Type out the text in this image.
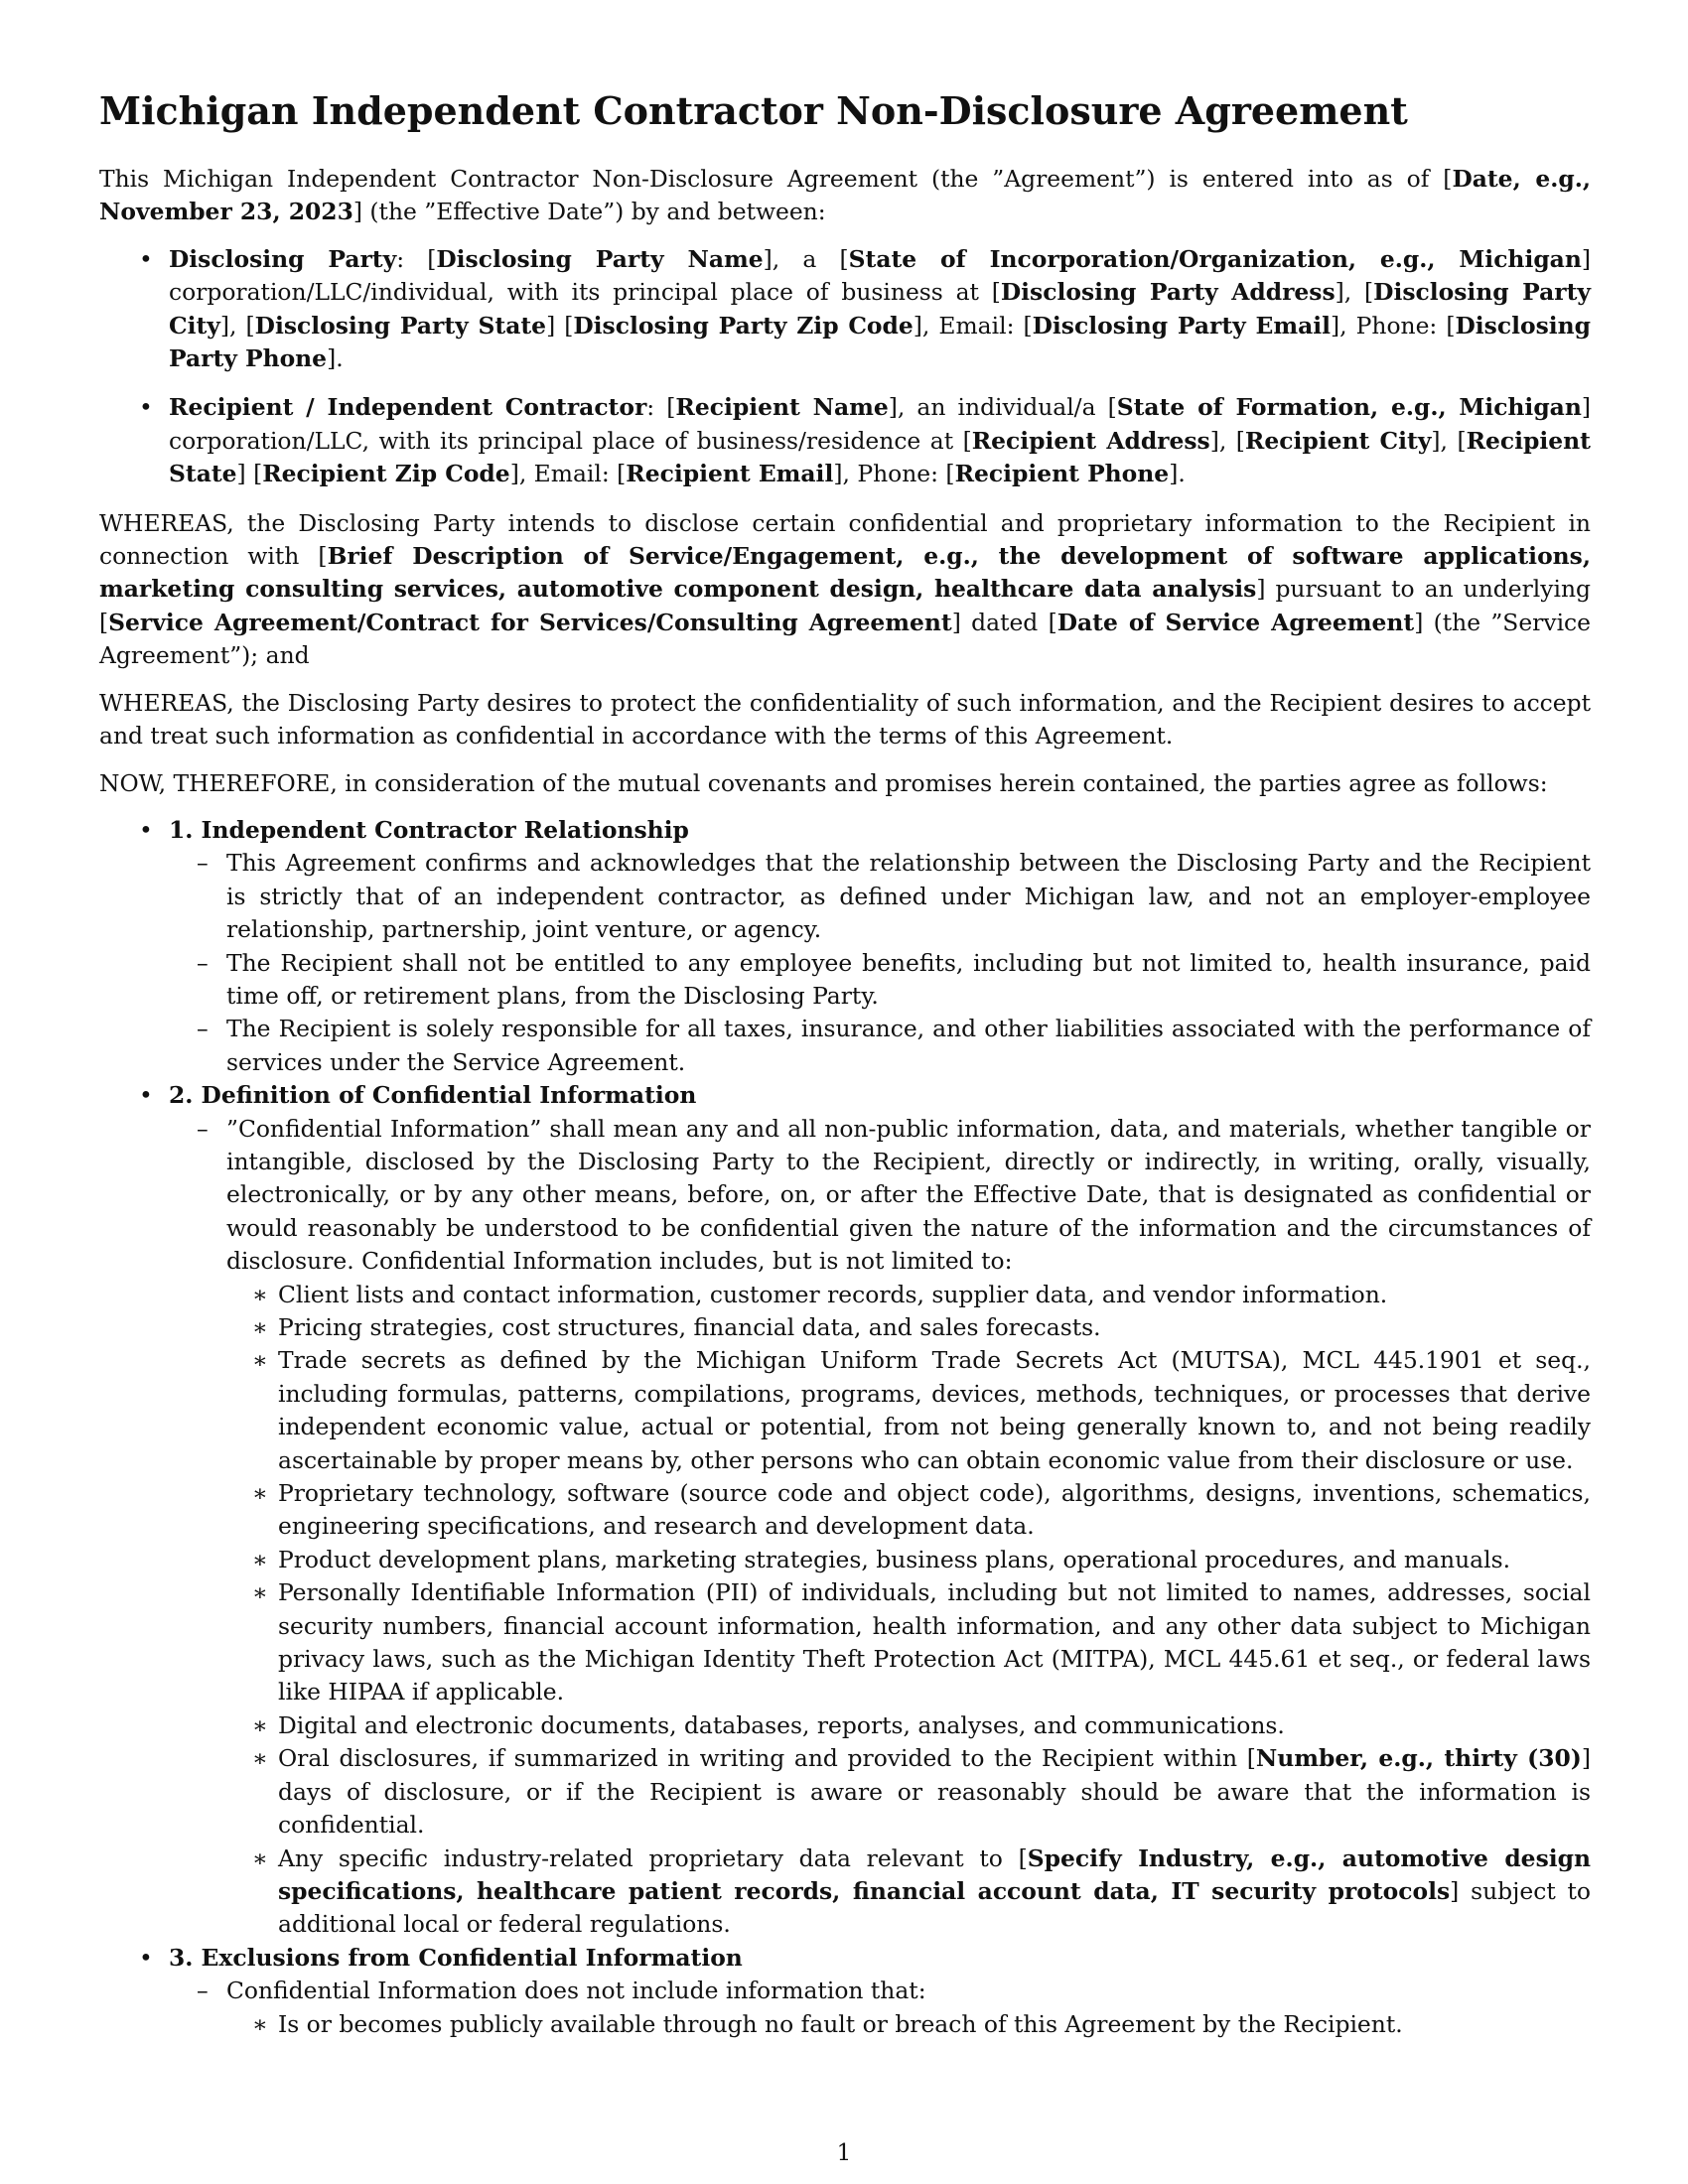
Michigan Independent Contractor Non-Disclosure Agreement

This Michigan Independent Contractor Non-Disclosure Agreement (the ”Agreement”) is entered into as of [Date, e.g., November 23, 2023] (the ”Effective Date”) by and between:

• Disclosing Party: [Disclosing Party Name], a [State of Incorporation/Organization, e.g., Michigan] corporation/LLC/individual, with its principal place of business at [Disclosing Party Address], [Disclosing Party City], [Disclosing Party State] [Disclosing Party Zip Code], Email: [Disclosing Party Email], Phone: [Disclosing Party Phone].
• Recipient / Independent Contractor: [Recipient Name], an individual/a [State of Formation, e.g., Michigan] corporation/LLC, with its principal place of business/residence at [Recipient Address], [Recipient City], [Recipient State] [Recipient Zip Code], Email: [Recipient Email], Phone: [Recipient Phone].

WHEREAS, the Disclosing Party intends to disclose certain confidential and proprietary information to the Recipient in connection with [Brief Description of Service/Engagement, e.g., the development of software applications, marketing consulting services, automotive component design, healthcare data analysis] pursuant to an underlying [Service Agreement/Contract for Services/Consulting Agreement] dated [Date of Service Agreement] (the ”Service Agreement”); and

WHEREAS, the Disclosing Party desires to protect the confidentiality of such information, and the Recipient desires to accept and treat such information as confidential in accordance with the terms of this Agreement.

NOW, THEREFORE, in consideration of the mutual covenants and promises herein contained, the parties agree as follows:

• 1. Independent Contractor Relationship
– This Agreement confirms and acknowledges that the relationship between the Disclosing Party and the Recipient is strictly that of an independent contractor, as defined under Michigan law, and not an employer-employee relationship, partnership, joint venture, or agency.
– The Recipient shall not be entitled to any employee benefits, including but not limited to, health insurance, paid time off, or retirement plans, from the Disclosing Party.
– The Recipient is solely responsible for all taxes, insurance, and other liabilities associated with the performance of services under the Service Agreement.
• 2. Definition of Confidential Information
– ”Confidential Information” shall mean any and all non-public information, data, and materials, whether tangible or intangible, disclosed by the Disclosing Party to the Recipient, directly or indirectly, in writing, orally, visually, electronically, or by any other means, before, on, or after the Effective Date, that is designated as confidential or would reasonably be understood to be confidential given the nature of the information and the circumstances of disclosure. Confidential Information includes, but is not limited to:
∗ Client lists and contact information, customer records, supplier data, and vendor information.
∗ Pricing strategies, cost structures, financial data, and sales forecasts.
∗ Trade secrets as defined by the Michigan Uniform Trade Secrets Act (MUTSA), MCL 445.1901 et seq., including formulas, patterns, compilations, programs, devices, methods, techniques, or processes that derive independent economic value, actual or potential, from not being generally known to, and not being readily ascertainable by proper means by, other persons who can obtain economic value from their disclosure or use.
∗ Proprietary technology, software (source code and object code), algorithms, designs, inventions, schematics, engineering specifications, and research and development data.
∗ Product development plans, marketing strategies, business plans, operational procedures, and manuals.
∗ Personally Identifiable Information (PII) of individuals, including but not limited to names, addresses, social security numbers, financial account information, health information, and any other data subject to Michigan privacy laws, such as the Michigan Identity Theft Protection Act (MITPA), MCL 445.61 et seq., or federal laws like HIPAA if applicable.
∗ Digital and electronic documents, databases, reports, analyses, and communications.
∗ Oral disclosures, if summarized in writing and provided to the Recipient within [Number, e.g., thirty (30)] days of disclosure, or if the Recipient is aware or reasonably should be aware that the information is confidential.
∗ Any specific industry-related proprietary data relevant to [Specify Industry, e.g., automotive design specifications, healthcare patient records, financial account data, IT security protocols] subject to additional local or federal regulations.
• 3. Exclusions from Confidential Information
– Confidential Information does not include information that:
∗ Is or becomes publicly available through no fault or breach of this Agreement by the Recipient.
1
